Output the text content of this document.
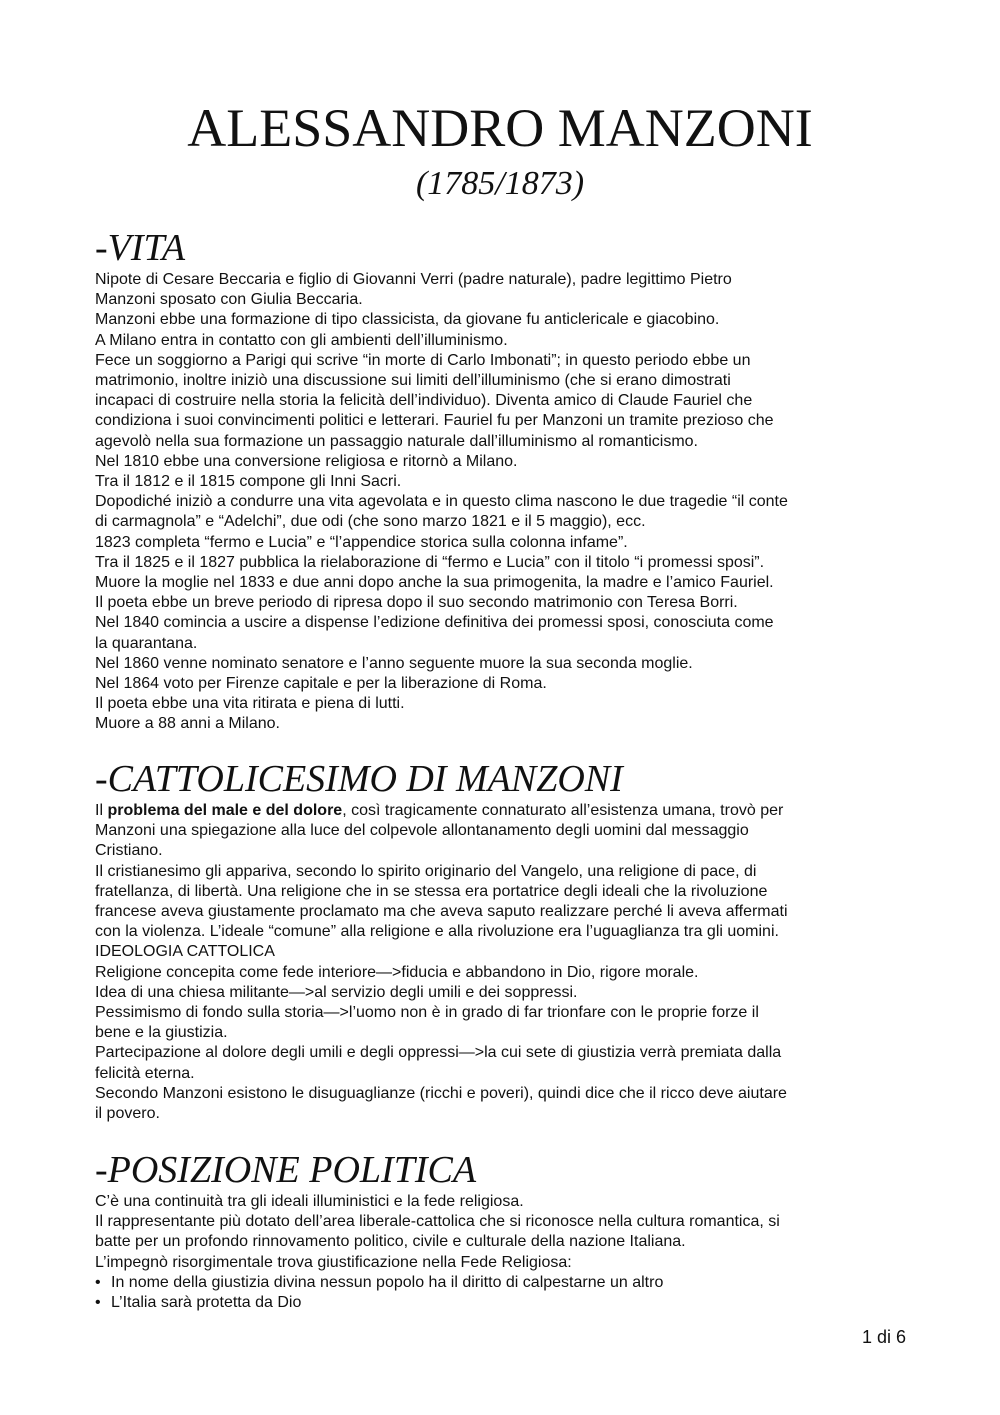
ALESSANDRO MANZONI
(1785/1873)
-VITA
Nipote di Cesare Beccaria e figlio di Giovanni Verri (padre naturale), padre legittimo Pietro
Manzoni sposato con Giulia Beccaria.
Manzoni ebbe una formazione di tipo classicista, da giovane fu anticlericale e giacobino.
A Milano entra in contatto con gli ambienti dell’illuminismo.
Fece un soggiorno a Parigi qui scrive “in morte di Carlo Imbonati”; in questo periodo ebbe un
matrimonio, inoltre iniziò una discussione sui limiti dell’illuminismo (che si erano dimostrati
incapaci di costruire nella storia la felicità dell’individuo). Diventa amico di Claude Fauriel che
condiziona i suoi convincimenti politici e letterari. Fauriel fu per Manzoni un tramite prezioso che
agevolò nella sua formazione un passaggio naturale dall’illuminismo al romanticismo.
Nel 1810 ebbe una conversione religiosa e ritornò a Milano.
Tra il 1812 e il 1815 compone gli Inni Sacri.
Dopodiché iniziò a condurre una vita agevolata e in questo clima nascono le due tragedie “il conte
di carmagnola” e “Adelchi”, due odi (che sono marzo 1821 e il 5 maggio), ecc.
1823 completa “fermo e Lucia” e “l’appendice storica sulla colonna infame”.
Tra il 1825 e il 1827 pubblica la rielaborazione di “fermo e Lucia” con il titolo “i promessi sposi”.
Muore la moglie nel 1833 e due anni dopo anche la sua primogenita, la madre e l’amico Fauriel.
Il poeta ebbe un breve periodo di ripresa dopo il suo secondo matrimonio con Teresa Borri.
Nel 1840 comincia a uscire a dispense l’edizione definitiva dei promessi sposi, conosciuta come
la quarantana.
Nel 1860 venne nominato senatore e l’anno seguente muore la sua seconda moglie.
Nel 1864 voto per Firenze capitale e per la liberazione di Roma.
Il poeta ebbe una vita ritirata e piena di lutti.
Muore a 88 anni a Milano.
-CATTOLICESIMO DI MANZONI
Il problema del male e del dolore, così tragicamente connaturato all’esistenza umana, trovò per
Manzoni una spiegazione alla luce del colpevole allontanamento degli uomini dal messaggio
Cristiano.
Il cristianesimo gli appariva, secondo lo spirito originario del Vangelo, una religione di pace, di
fratellanza, di libertà. Una religione che in se stessa era portatrice degli ideali che la rivoluzione
francese aveva giustamente proclamato ma che aveva saputo realizzare perché li aveva affermati
con la violenza. L’ideale “comune” alla religione e alla rivoluzione era l’uguaglianza tra gli uomini.
IDEOLOGIA CATTOLICA
Religione concepita come fede interiore—>fiducia e abbandono in Dio, rigore morale.
Idea di una chiesa militante—>al servizio degli umili e dei soppressi.
Pessimismo di fondo sulla storia—>l’uomo non è in grado di far trionfare con le proprie forze il
bene e la giustizia.
Partecipazione al dolore degli umili e degli oppressi—>la cui sete di giustizia verrà premiata dalla
felicità eterna.
Secondo Manzoni esistono le disuguaglianze (ricchi e poveri), quindi dice che il ricco deve aiutare
il povero.
-POSIZIONE POLITICA
C’è una continuità tra gli ideali illuministici e la fede religiosa.
Il rappresentante più dotato dell’area liberale-cattolica che si riconosce nella cultura romantica, si
batte per un profondo rinnovamento politico, civile e culturale della nazione Italiana.
L’impegnò risorgimentale trova giustificazione nella Fede Religiosa:
• In nome della giustizia divina nessun popolo ha il diritto di calpestarne un altro
• L’Italia sarà protetta da Dio
1 di 6
